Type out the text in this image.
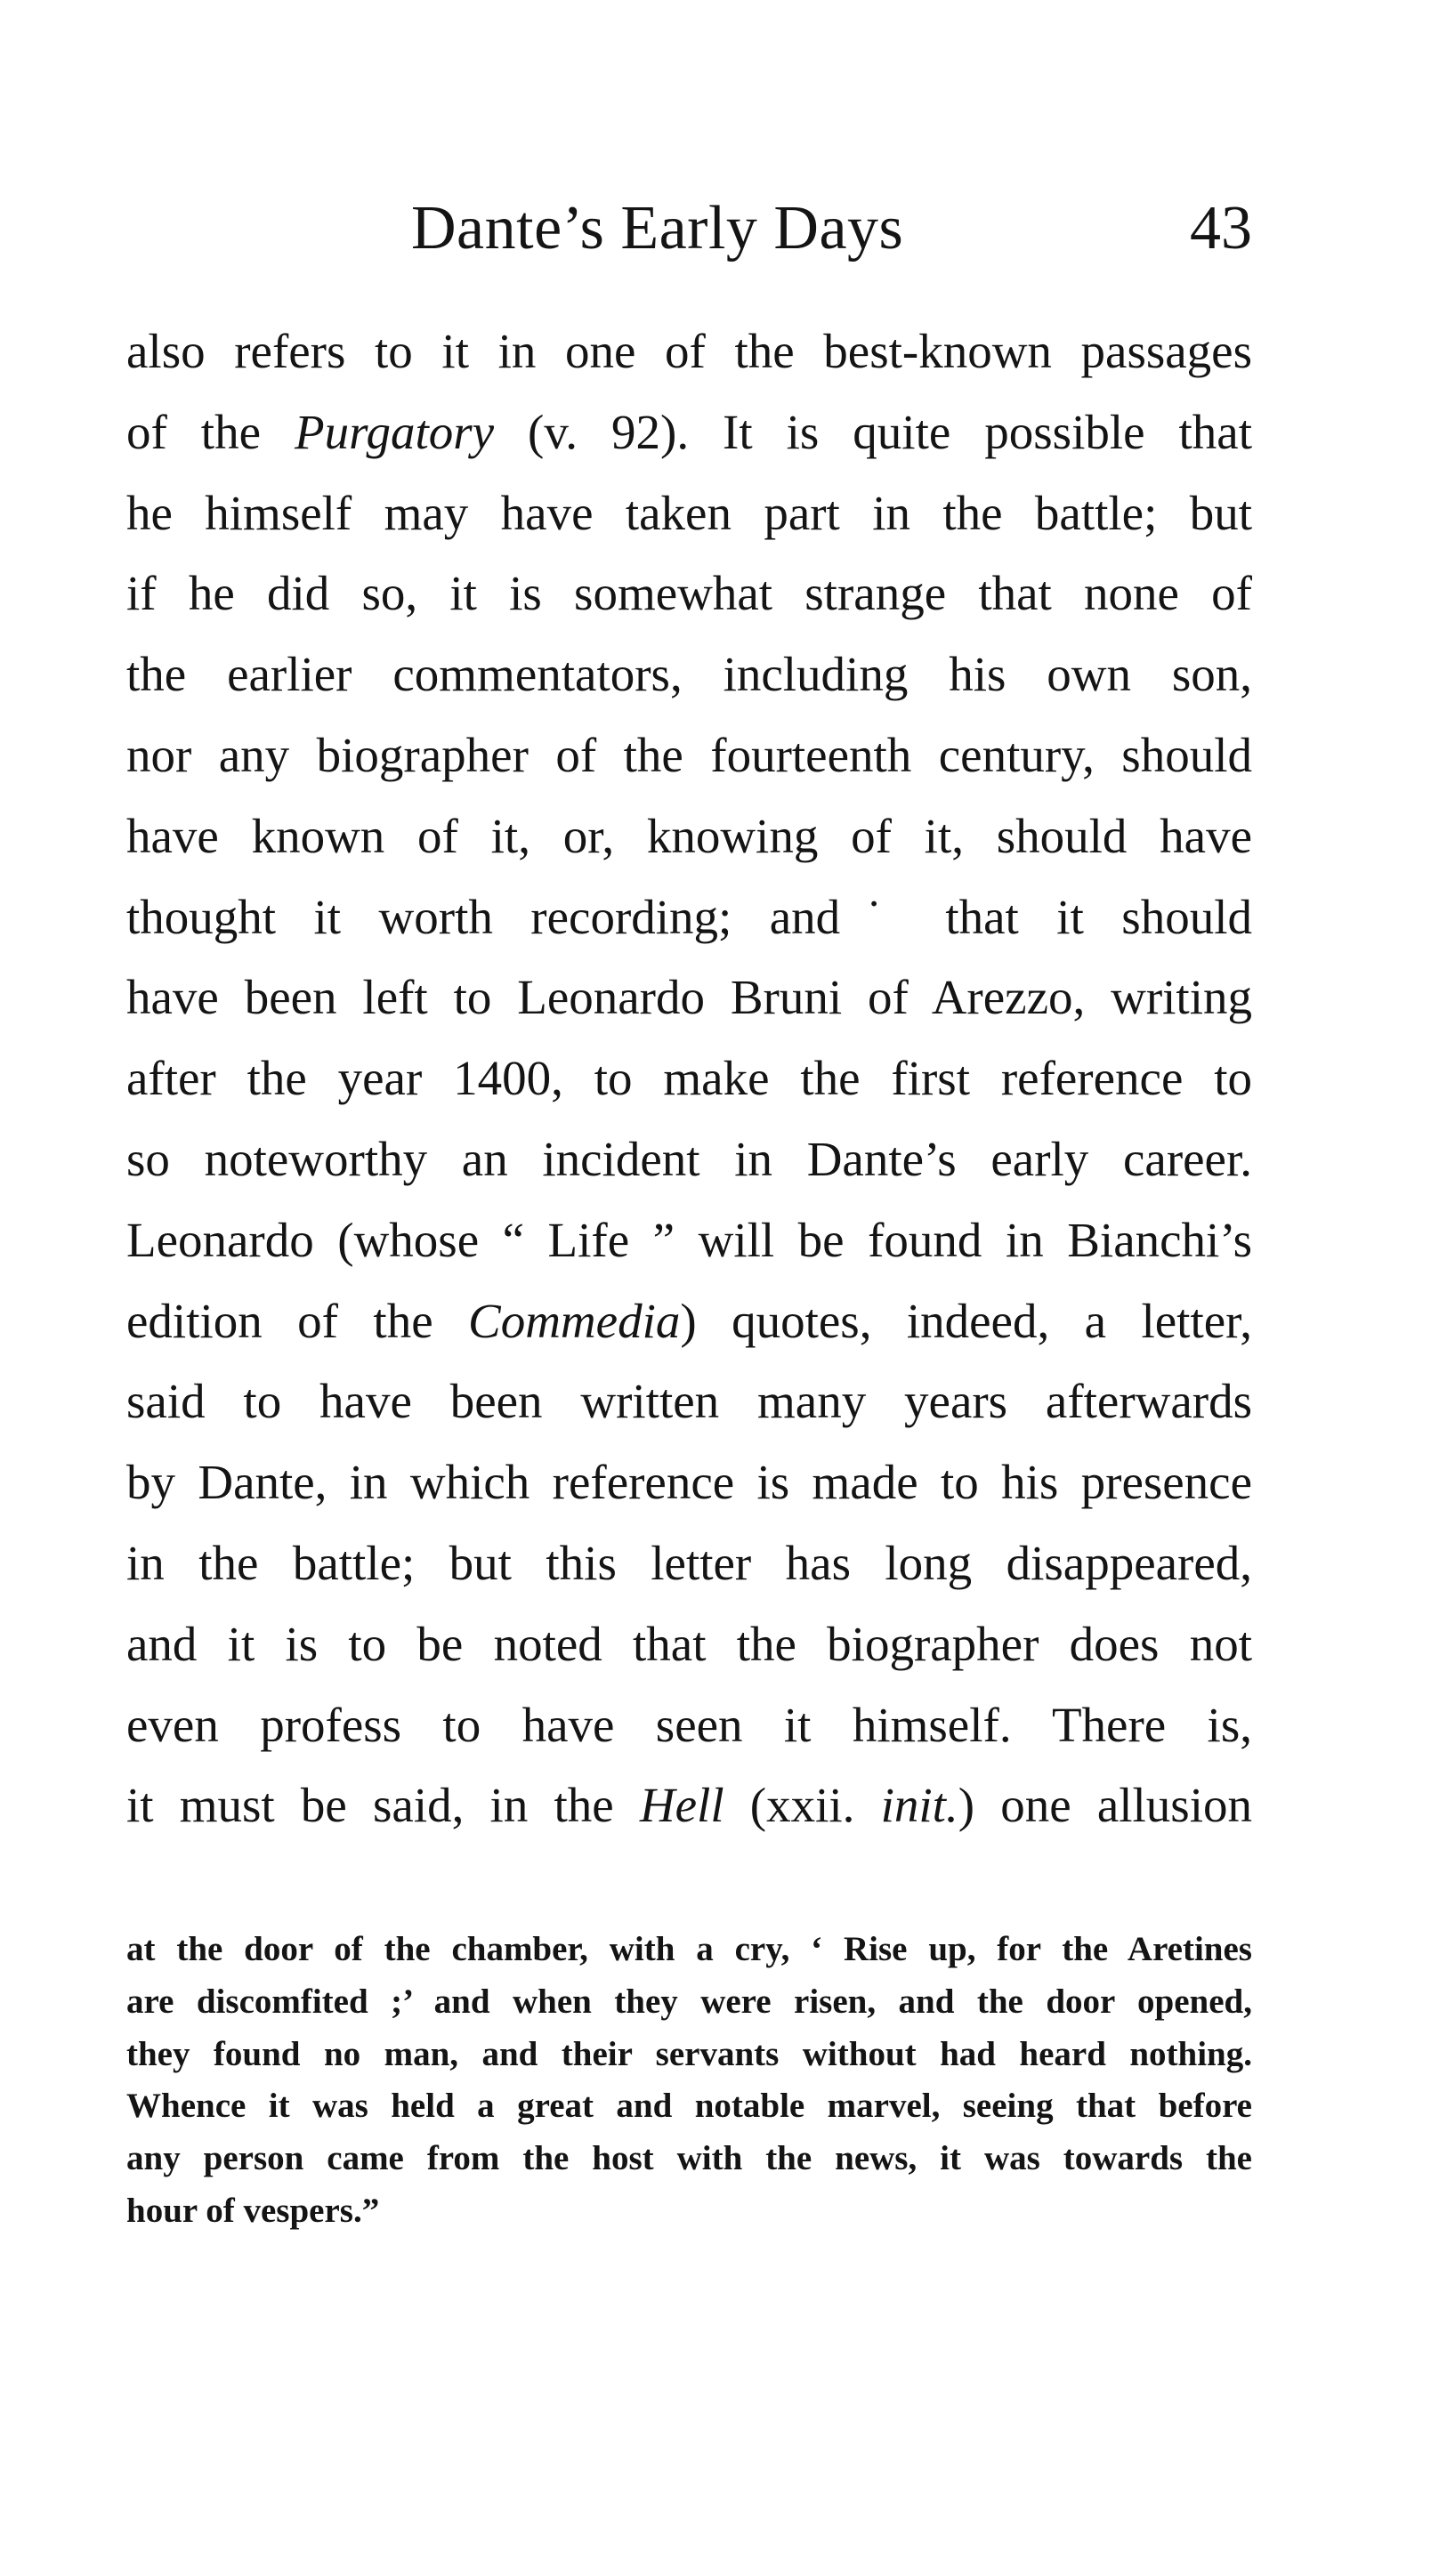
Dante’s Early Days	43
also refers to it in one of the best-known passages
of the Purgatory (v. 92). It is quite possible that
he himself may have taken part in the battle; but
if he did so, it is somewhat strange that none of
the earlier commentators, including his own son,
nor any biographer of the fourteenth century, should
have known of it, or, knowing of it, should have
thought it worth recording; and˙ that it should
have been left to Leonardo Bruni of Arezzo, writing
after the year 1400, to make the first reference to
so noteworthy an incident in Dante’s early career.
Leonardo (whose “ Life ” will be found in Bianchi’s
edition of the Commedia) quotes, indeed, a letter,
said to have been written many years afterwards
by Dante, in which reference is made to his presence
in the battle; but this letter has long disappeared,
and it is to be noted that the biographer does not
even profess to have seen it himself. There is,
it must be said, in the Hell (xxii. init.) one allusion
at the door of the chamber, with a cry, ‘ Rise up, for the Aretines
are discomfited ;’ and when they were risen, and the door opened,
they found no man, and their servants without had heard nothing.
Whence it was held a great and notable marvel, seeing that before
any person came from the host with the news, it was towards the
hour of vespers.”
